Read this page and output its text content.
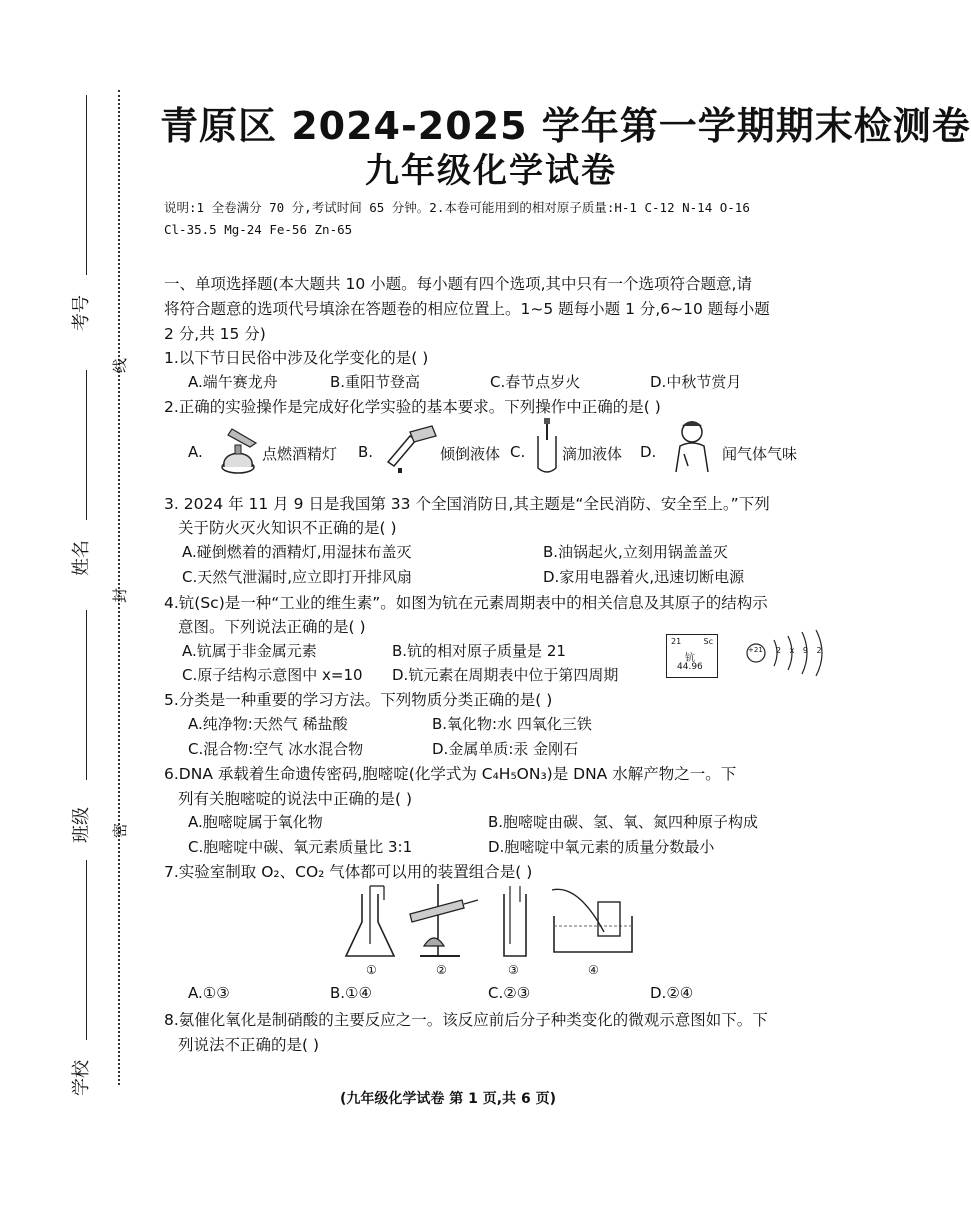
考号
姓名
班级
学校
线
封
密
青原区 2024-2025 学年第一学期期末检测卷
九年级化学试卷
说明:1 全卷满分 70 分,考试时间 65 分钟。2.本卷可能用到的相对原子质量:H-1 C-12 N-14 O-16
Cl-35.5 Mg-24 Fe-56 Zn-65
一、单项选择题(本大题共 10 小题。每小题有四个选项,其中只有一个选项符合题意,请
将符合题意的选项代号填涂在答题卷的相应位置上。1~5 题每小题 1 分,6~10 题每小题
2 分,共 15 分)
1.以下节日民俗中涉及化学变化的是( )
A.端午赛龙舟	B.重阳节登高	C.春节点岁火	D.中秋节赏月
2.正确的实验操作是完成好化学实验的基本要求。下列操作中正确的是( )
A.	点燃酒精灯 B.	倾倒液体 C. 滴加液体 D.	闻气体气味
3. 2024 年 11 月 9 日是我国第 33 个全国消防日,其主题是“全民消防、安全至上。”下列
关于防火灭火知识不正确的是( )
A.碰倒燃着的酒精灯,用湿抹布盖灭	B.油锅起火,立刻用锅盖盖灭
C.天然气泄漏时,应立即打开排风扇	D.家用电器着火,迅速切断电源
4.钪(Sc)是一种“工业的维生素”。如图为钪在元素周期表中的相关信息及其原子的结构示
意图。下列说法正确的是( )
A.钪属于非金属元素	B.钪的相对原子质量是 21
C.原子结构示意图中 x=10 D.钪元素在周期表中位于第四周期
21	Sc
钪
44.96
+21 2 x 9 2
5.分类是一种重要的学习方法。下列物质分类正确的是( )
A.纯净物:天然气 稀盐酸	B.氧化物:水 四氧化三铁
C.混合物:空气 冰水混合物	D.金属单质:汞 金刚石
6.DNA 承载着生命遗传密码,胞嘧啶(化学式为 C₄H₅ON₃)是 DNA 水解产物之一。下
列有关胞嘧啶的说法中正确的是( )
A.胞嘧啶属于氧化物	B.胞嘧啶由碳、氢、氧、氮四种原子构成
C.胞嘧啶中碳、氧元素质量比 3:1	D.胞嘧啶中氧元素的质量分数最小
7.实验室制取 O₂、CO₂ 气体都可以用的装置组合是( )
①	②	③	④
A.①③	B.①④	C.②③	D.②④
8.氨催化氧化是制硝酸的主要反应之一。该反应前后分子种类变化的微观示意图如下。下
列说法不正确的是( )
(九年级化学试卷 第 1 页,共 6 页)
